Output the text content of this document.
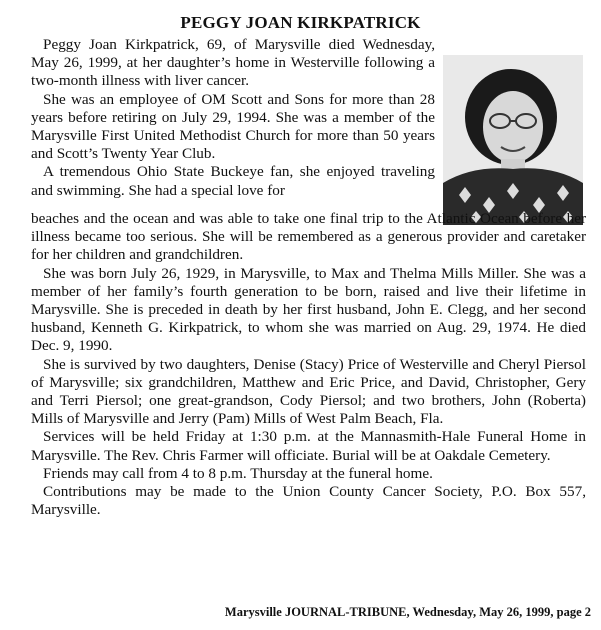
PEGGY JOAN KIRKPATRICK

Peggy Joan Kirkpatrick, 69, of Marysville died Wednesday, May 26, 1999, at her daughter’s home in Westerville following a two-month illness with liver cancer.

She was an employee of OM Scott and Sons for more than 28 years before retiring on July 29, 1994. She was a member of the Marysville First United Methodist Church for more than 50 years and Scott’s Twenty Year Club.

A tremendous Ohio State Buckeye fan, she enjoyed traveling and swimming. She had a special love for

beaches and the ocean and was able to take one final trip to the Atlantic Ocean before her illness became too serious. She will be remembered as a generous provider and caretaker for her children and grandchildren.

She was born July 26, 1929, in Marysville, to Max and Thelma Mills Miller. She was a member of her family’s fourth generation to be born, raised and live their lifetime in Marysville. She is preceded in death by her first husband, John E. Clegg, and her second husband, Kenneth G. Kirkpatrick, to whom she was married on Aug. 29, 1974. He died Dec. 9, 1990.

She is survived by two daughters, Denise (Stacy) Price of Westerville and Cheryl Piersol of Marysville; six grandchildren, Matthew and Eric Price, and David, Christopher, Gery and Terri Piersol; one great-grandson, Cody Piersol; and two brothers, John (Roberta) Mills of Marysville and Jerry (Pam) Mills of West Palm Beach, Fla.

Services will be held Friday at 1:30 p.m. at the Mannasmith-Hale Funeral Home in Marysville. The Rev. Chris Farmer will officiate. Burial will be at Oakdale Cemetery.

Friends may call from 4 to 8 p.m. Thursday at the funeral home.

Contributions may be made to the Union County Cancer Society, P.O. Box 557, Marysville.

Marysville JOURNAL-TRIBUNE, Wednesday, May 26, 1999, page 2
